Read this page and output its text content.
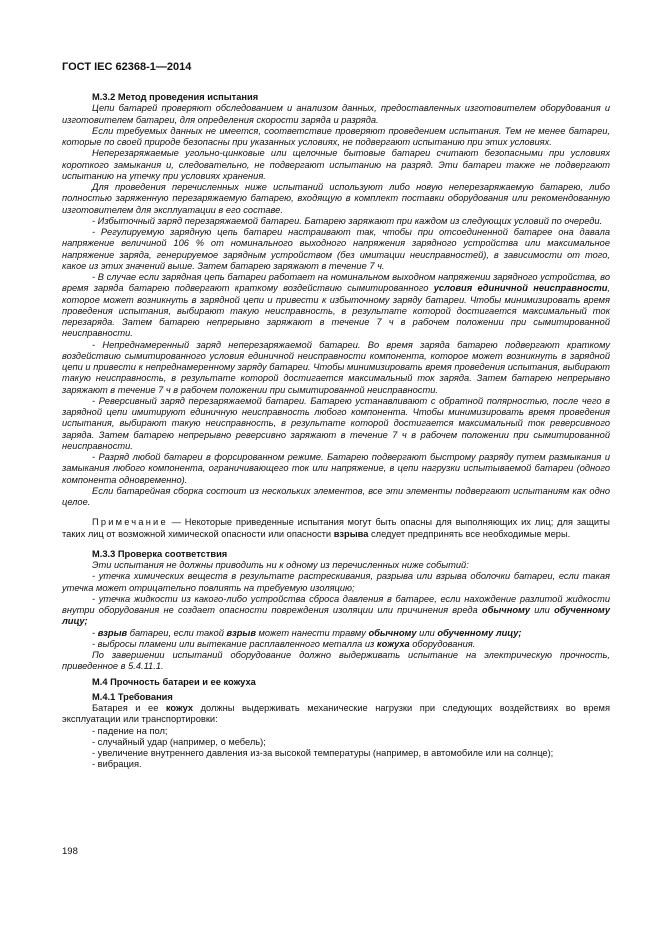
ГОСТ IEC 62368-1—2014

М.3.2 Метод проведения испытания

Цепи батарей проверяют обследованием и анализом данных, предоставленных изготовителем оборудования и изготовителем батареи, для определения скорости заряда и разряда.

Если требуемых данных не имеется, соответствие проверяют проведением испытания. Тем не менее батареи, которые по своей природе безопасны при указанных условиях, не подвергают испытанию при этих условиях.

Неперезаряжаемые угольно-цинковые или щелочные бытовые батареи считают безопасными при условиях короткого замыкания и, следовательно, не подвергают испытанию на разряд. Эти батареи также не подвергают испытанию на утечку при условиях хранения.

Для проведения перечисленных ниже испытаний используют либо новую неперезаряжаемую батарею, либо полностью заряженную перезаряжаемую батарею, входящую в комплект поставки оборудования или рекомендованную изготовителем для эксплуатации в его составе.

- Избыточный заряд перезаряжаемой батареи. Батарею заряжают при каждом из следующих условий по очереди.

- Регулируемую зарядную цепь батареи настраивают так, чтобы при отсоединенной батарее она давала напряжение величиной 106 % от номинального выходного напряжения зарядного устройства или максимальное напряжение заряда, генерируемое зарядным устройством (без имитации неисправностей), в зависимости от того, какое из этих значений выше. Затем батарею заряжают в течение 7 ч.

- В случае если зарядная цепь батареи работает на номинальном выходном напряжении зарядного устройства, во время заряда батарею подвергают краткому воздействию сымитированного условия единичной неисправности, которое может возникнуть в зарядной цепи и привести к избыточному заряду батареи. Чтобы минимизировать время проведения испытания, выбирают такую неисправность, в результате которой достигается максимальный ток перезаряда. Затем батарею непрерывно заряжают в течение 7 ч в рабочем положении при сымитированной неисправности.

- Непреднамеренный заряд неперезаряжаемой батареи. Во время заряда батарею подвергают краткому воздействию сымитированного условия единичной неисправности компонента, которое может возникнуть в зарядной цепи и привести к непреднамеренному заряду батареи. Чтобы минимизировать время проведения испытания, выбирают такую неисправность, в результате которой достигается максимальный ток заряда. Затем батарею непрерывно заряжают в течение 7 ч в рабочем положении при сымитированной неисправности.

- Реверсивный заряд перезаряжаемой батареи. Батарею устанавливают с обратной полярностью, после чего в зарядной цепи имитируют единичную неисправность любого компонента. Чтобы минимизировать время проведения испытания, выбирают такую неисправность, в результате которой достигается максимальный ток реверсивного заряда. Затем батарею непрерывно реверсивно заряжают в течение 7 ч в рабочем положении при сымитированной неисправности.

- Разряд любой батареи в форсированном режиме. Батарею подвергают быстрому разряду путем размыкания и замыкания любого компонента, ограничивающего ток или напряжение, в цепи нагрузки испытываемой батареи (одного компонента одновременно).

Если батарейная сборка состоит из нескольких элементов, все эти элементы подвергают испытаниям как одно целое.

Примечание — Некоторые приведенные испытания могут быть опасны для выполняющих их лиц; для защиты таких лиц от возможной химической опасности или опасности взрыва следует предпринять все необходимые меры.

М.3.3 Проверка соответствия

Эти испытания не должны приводить ни к одному из перечисленных ниже событий:

- утечка химических веществ в результате растрескивания, разрыва или взрыва оболочки батареи, если такая утечка может отрицательно повлиять на требуемую изоляцию;

- утечка жидкости из какого-либо устройства сброса давления в батарее, если нахождение разлитой жидкости внутри оборудования не создает опасности повреждения изоляции или причинения вреда обычному или обученному лицу;

- взрыв батареи, если такой взрыв может нанести травму обычному или обученному лицу;

- выбросы пламени или вытекание расплавленного металла из кожуха оборудования.

По завершении испытаний оборудование должно выдерживать испытание на электрическую прочность, приведенное в 5.4.11.1.

М.4 Прочность батареи и ее кожуха

М.4.1 Требования

Батарея и ее кожух должны выдерживать механические нагрузки при следующих воздействиях во время эксплуатации или транспортировки:

- падение на пол;

- случайный удар (например, о мебель);

- увеличение внутреннего давления из-за высокой температуры (например, в автомобиле или на солнце);

- вибрация.

198
